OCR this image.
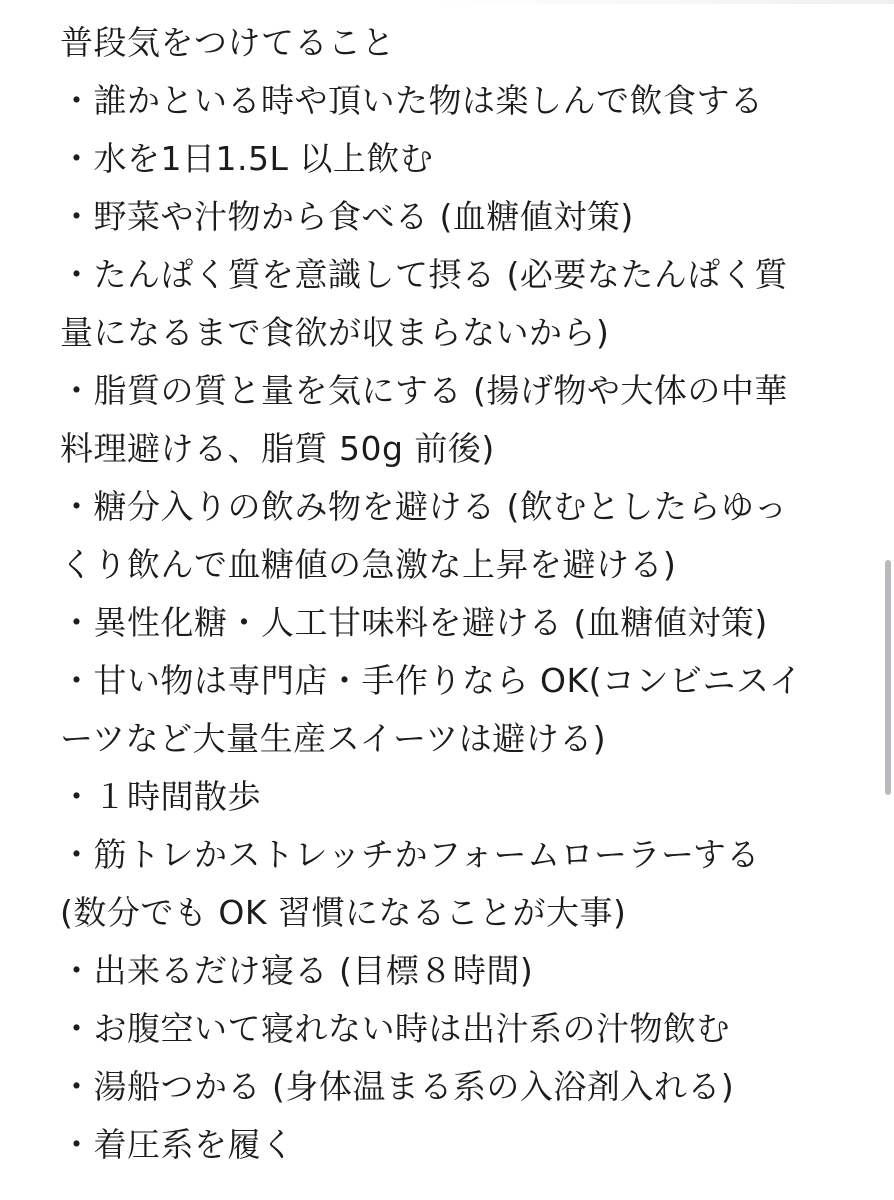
普段気をつけてること
・誰かといる時や頂いた物は楽しんで飲食する
・水を1日1.5L 以上飲む
・野菜や汁物から食べる (血糖値対策)
・たんぱく質を意識して摂る (必要なたんぱく質
量になるまで食欲が収まらないから)
・脂質の質と量を気にする (揚げ物や大体の中華
料理避ける、脂質 50g 前後)
・糖分入りの飲み物を避ける (飲むとしたらゆっ
くり飲んで血糖値の急激な上昇を避ける)
・異性化糖・人工甘味料を避ける (血糖値対策)
・甘い物は専門店・手作りなら OK(コンビニスイ
ーツなど大量生産スイーツは避ける)
・１時間散歩
・筋トレかストレッチかフォームローラーする
(数分でも OK 習慣になることが大事)
・出来るだけ寝る (目標８時間)
・お腹空いて寝れない時は出汁系の汁物飲む
・湯船つかる (身体温まる系の入浴剤入れる)
・着圧系を履く
